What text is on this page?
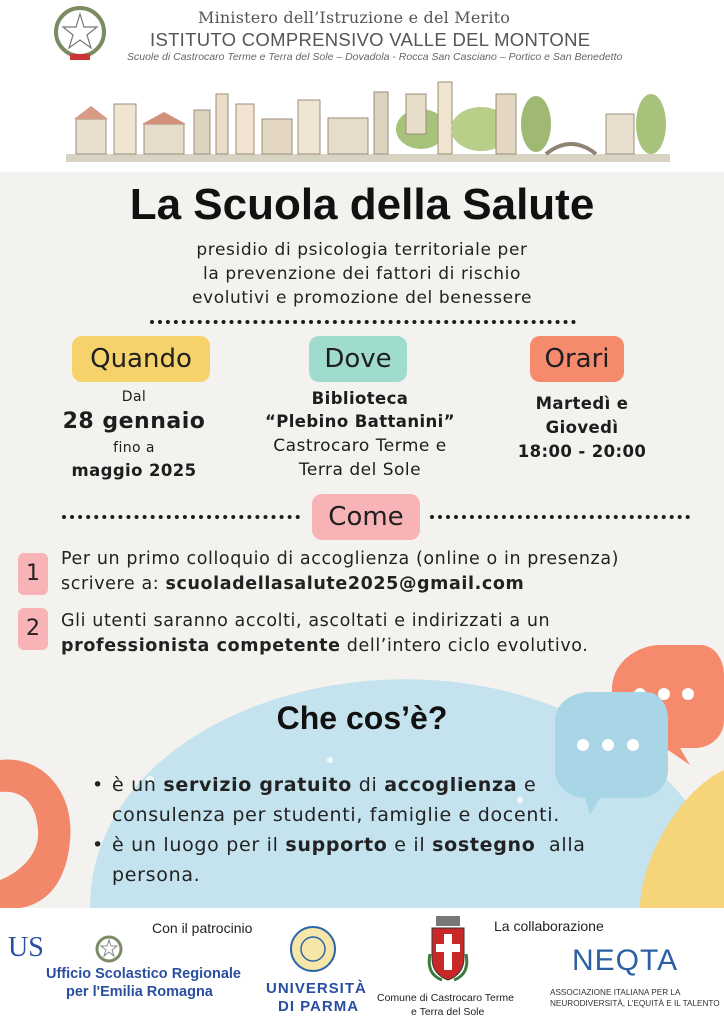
Ministero dell’Istruzione e del Merito
ISTITUTO COMPRENSIVO VALLE DEL MONTONE
Scuole di Castrocaro Terme e Terra del Sole – Dovadola - Rocca San Casciano – Portico e San Benedetto
La Scuola della Salute
presidio di psicologia territoriale per
la prevenzione dei fattori di rischio
evolutivi e promozione del benessere
Quando
Dal
28 gennaio
fino a
maggio 2025
Dove
Biblioteca
“Plebino Battanini”
Castrocaro Terme e
Terra del Sole
Orari
Martedì e
Giovedì
18:00 - 20:00
Come
1
Per un primo colloquio di accoglienza (online o in presenza)
scrivere a: scuoladellasalute2025@gmail.com
2	Gli utenti saranno accolti, ascoltati e indirizzati a un
professionista competente dell’intero ciclo evolutivo.
Che cos’è?
• è un servizio gratuito di accoglienza e
consulenza per studenti, famiglie e docenti.
• è un luogo per il supporto e il sostegno  alla
persona.
Con il patrocinio	La collaborazione
US
Ufficio Scolastico Regionale
per l'Emilia Romagna	UNIVERSITÀ
DI PARMA Comune di Castrocaro Terme
e Terra del Sole
NEQTA
ASSOCIAZIONE ITALIANA PER LA
NEURODIVERSITÀ, L'EQUITÀ E IL TALENTO
